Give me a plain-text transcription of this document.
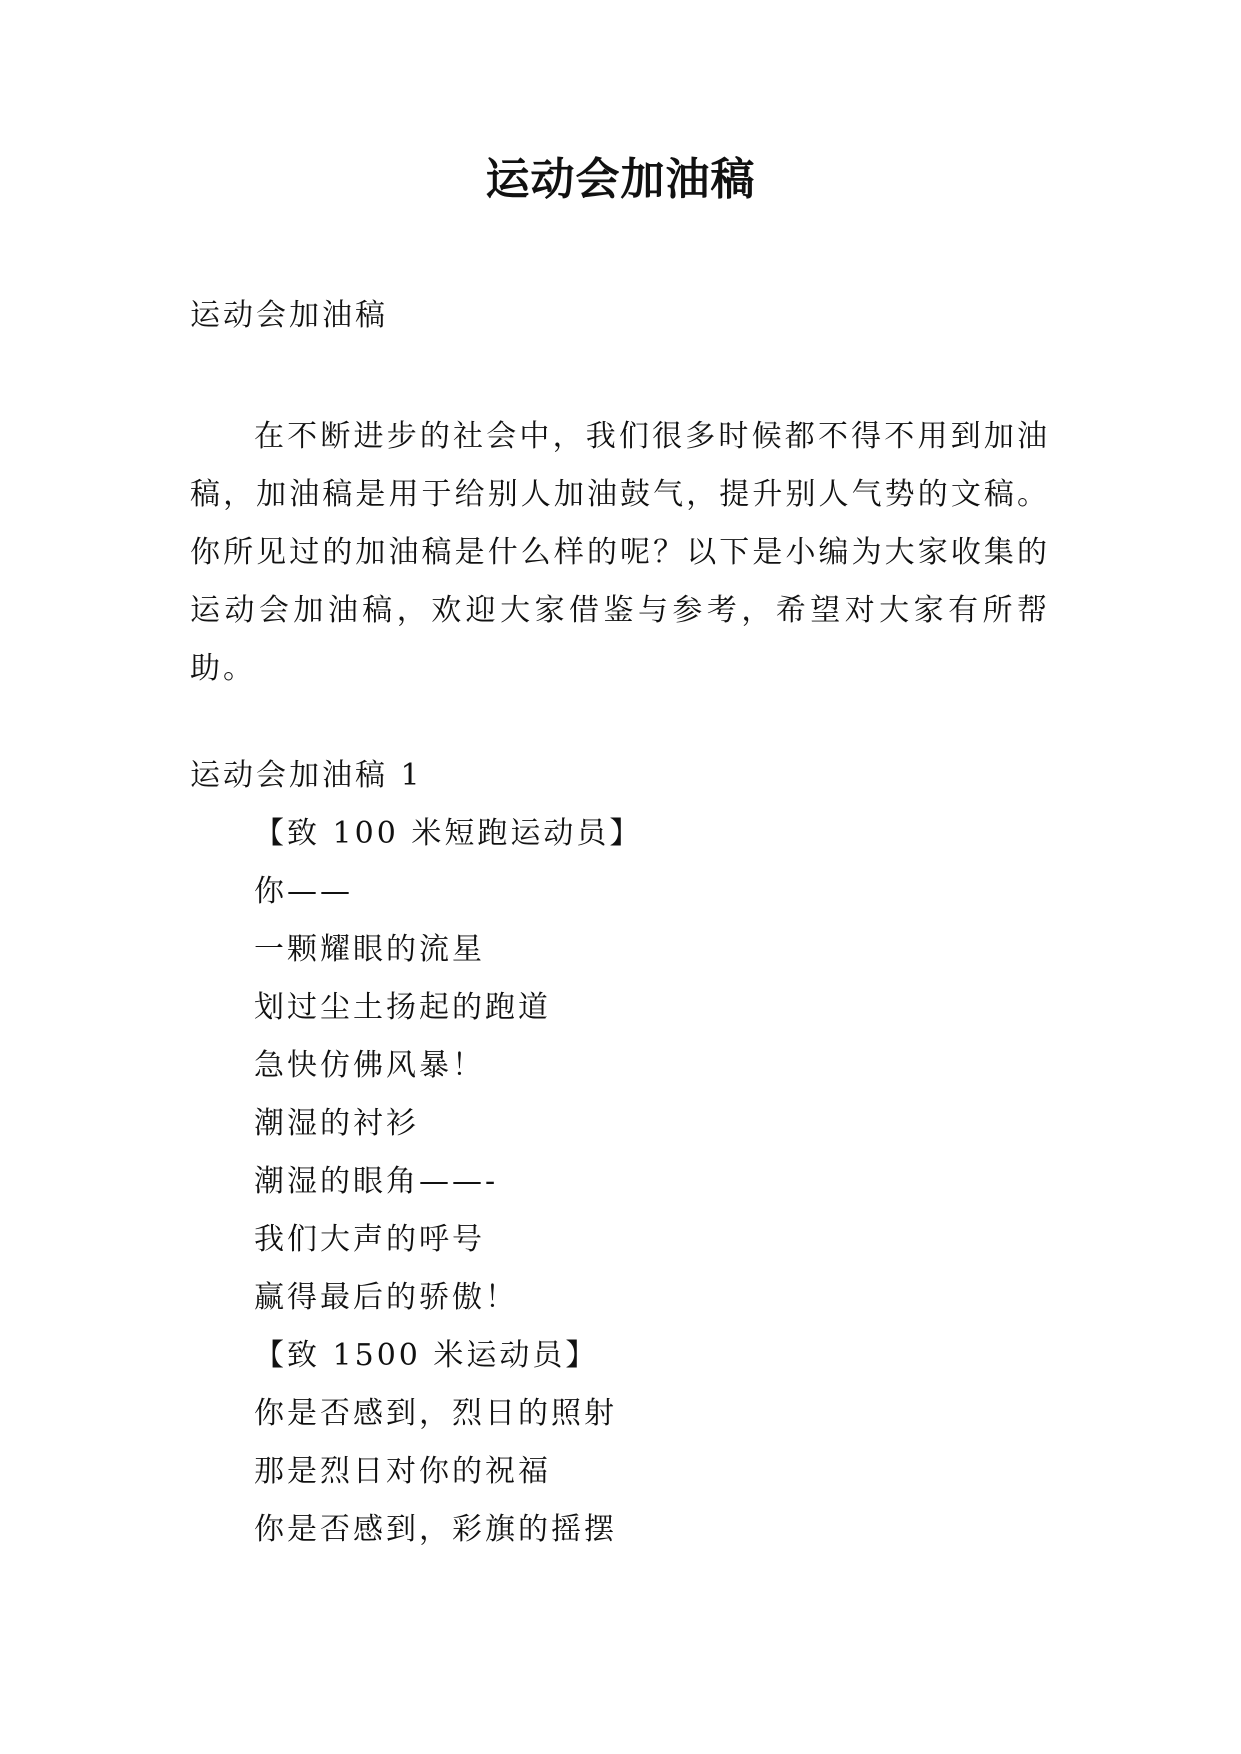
运动会加油稿
运动会加油稿
在不断进步的社会中，我们很多时候都不得不用到加油稿，加油稿是用于给别人加油鼓气，提升别人气势的文稿。你所见过的加油稿是什么样的呢？以下是小编为大家收集的运动会加油稿，欢迎大家借鉴与参考，希望对大家有所帮助。
运动会加油稿 1
【致 100 米短跑运动员】
你——
一颗耀眼的流星
划过尘土扬起的跑道
急快仿佛风暴！
潮湿的衬衫
潮湿的眼角——-
我们大声的呼号
赢得最后的骄傲！
【致 1500 米运动员】
你是否感到，烈日的照射
那是烈日对你的祝福
你是否感到，彩旗的摇摆
